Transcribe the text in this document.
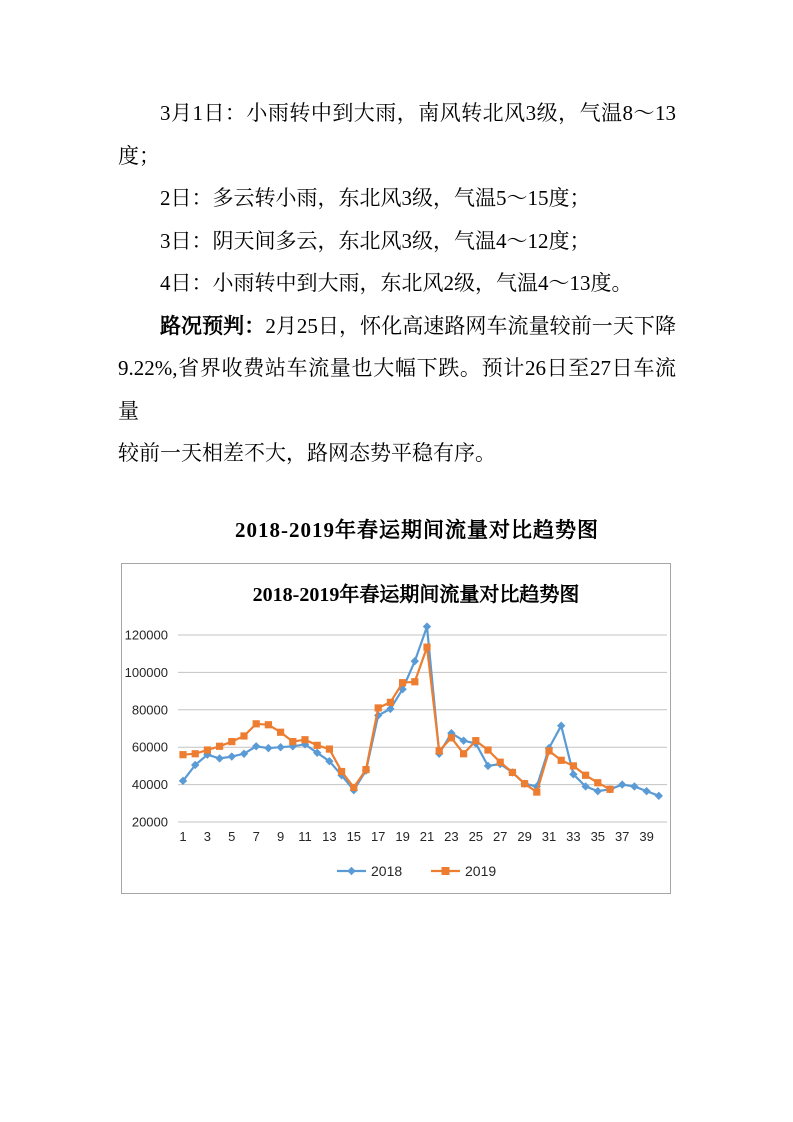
3月1日：小雨转中到大雨，南风转北风3级，气温8～13
度；
2日：多云转小雨，东北风3级，气温5～15度；
3日：阴天间多云，东北风3级，气温4～12度；
4日：小雨转中到大雨，东北风2级，气温4～13度。
路况预判：2月25日，怀化高速路网车流量较前一天下降
9.22%,省界收费站车流量也大幅下跌。预计26日至27日车流量
较前一天相差不大，路网态势平稳有序。
2018-2019年春运期间流量对比趋势图
120000
100000
80000
60000
40000
20000
1 3 5 7 9 11 13 15 17 19 21 23 25 27 29 31 33 35 37 39
2018-2019年春运期间流量对比趋势图
2018	2019
